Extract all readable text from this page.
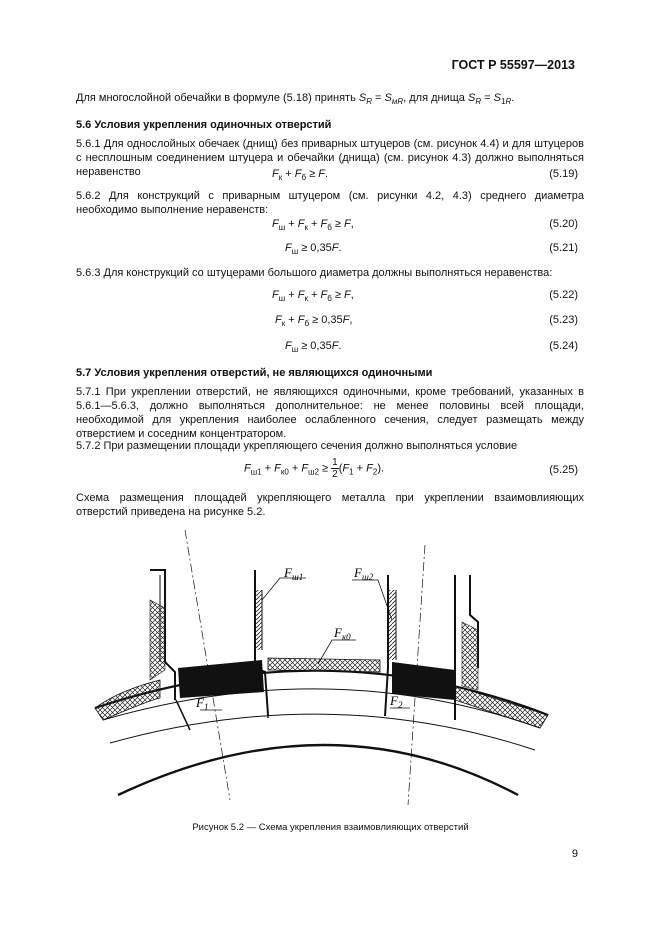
ГОСТ Р 55597—2013

Для многослойной обечайки в формуле (5.18) принять $S_R = S_{мR}$, для днища $S_R = S_{1R}$.

5.6 Условия укрепления одиночных отверстий

5.6.1 Для однослойных обечаек (днищ) без приварных штуцеров (см. рисунок 4.4) и для штуцеров с несплошным соединением штуцера и обечайки (днища) (см. рисунок 4.3) должно выполняться неравенство	$F_к + F_б \ge F$.	(5.19)

5.6.2 Для конструкций с приварным штуцером (см. рисунки 4.2, 4.3) среднего диаметра необходимо выполнение неравенств:

$F_ш + F_к + F_б \ge F$,	(5.20)
$F_ш \ge 0,35F$.	(5.21)

5.6.3 Для конструкций со штуцерами большого диаметра должны выполняться неравенства:

$F_ш + F_к + F_б \ge F$,	(5.22)
$F_к + F_б \ge 0,35F$,	(5.23)
$F_ш \ge 0,35F$.	(5.24)
5.7 Условия укрепления отверстий, не являющихся одиночными

5.7.1 При укреплении отверстий, не являющихся одиночными, кроме требований, указанных в 5.6.1—5.6.3, должно выполняться дополнительное: не менее половины всей площади, необходимой для укрепления наиболее ослабленного сечения, следует размещать между отверстием и соседним концентратором.

5.7.2 При размещении площади укрепляющего сечения должно выполняться условие

$F_{ш1} + F_{к0} + F_{ш2} \ge \frac{1}{2} (F_1 + F_2)$.	(5.25)

Схема размещения площадей укрепляющего металла при укреплении взаимовлияющих отверстий приведена на рисунке 5.2.

$F_{ш1}$	$F_{ш2}$
$F_{к0}$
$F_1$	$F_2$
Рисунок 5.2 — Схема укрепления взаимовлияющих отверстий
9
